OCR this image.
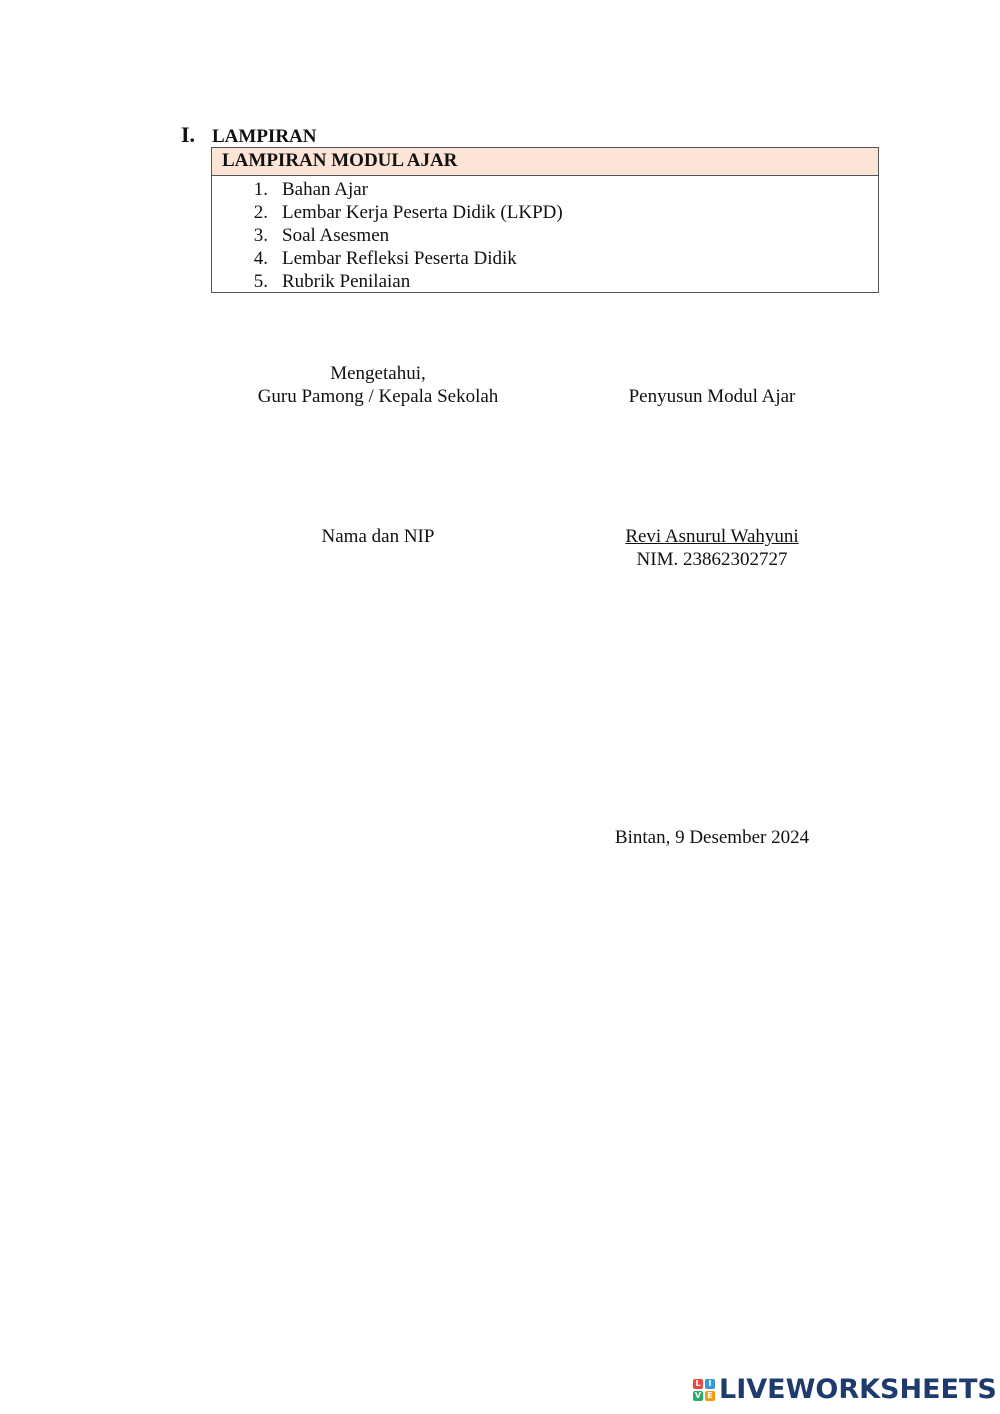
I. LAMPIRAN
LAMPIRAN MODUL AJAR
1. Bahan Ajar
2. Lembar Kerja Peserta Didik (LKPD)
3. Soal Asesmen
4. Lembar Refleksi Peserta Didik
5. Rubrik Penilaian
Mengetahui,
Guru Pamong / Kepala Sekolah	Penyusun Modul Ajar
Nama dan NIP	Revi Asnurul Wahyuni
NIM. 23862302727
Bintan, 9 Desember 2024
L I
V E LIVEWORKSHEETS
